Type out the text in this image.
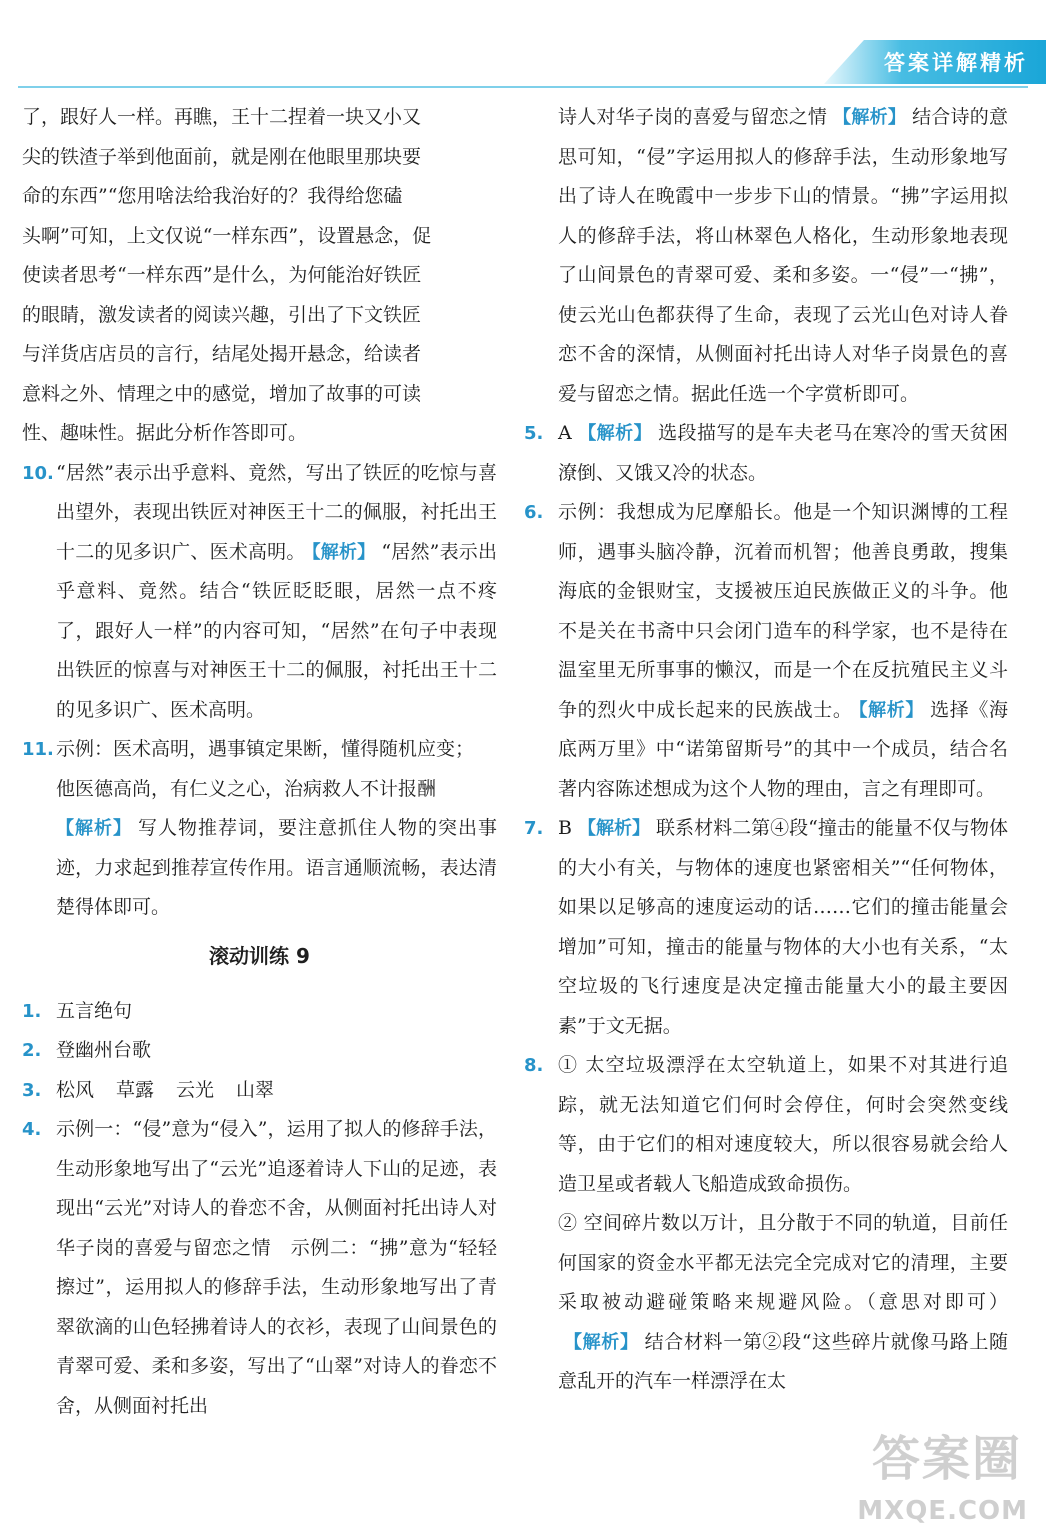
答案详解精析
了，跟好人一样。再瞧，王十二捏着一块又小又
尖的铁渣子举到他面前，就是刚在他眼里那块要
命的东西”“您用啥法给我治好的？我得给您磕
头啊”可知，上文仅说“一样东西”，设置悬念，促
使读者思考“一样东西”是什么，为何能治好铁匠
的眼睛，激发读者的阅读兴趣，引出了下文铁匠
与洋货店店员的言行，结尾处揭开悬念，给读者
意料之外、情理之中的感觉，增加了故事的可读
性、趣味性。据此分析作答即可。
10. “居然”表示出乎意料、竟然，写出了铁匠的吃惊与喜出望外，表现出铁匠对神医王十二的佩服，衬托出王十二的见多识广、医术高明。 【解析】 “居然”表示出乎意料、竟然。结合“铁匠眨眨眼，居然一点不疼了，跟好人一样”的内容可知，“居然”在句子中表现出铁匠的惊喜与对神医王十二的佩服，衬托出王十二的见多识广、医术高明。
11. 示例：医术高明，遇事镇定果断，懂得随机应变；
他医德高尚，有仁义之心，治病救人不计报酬
【解析】 写人物推荐词，要注意抓住人物的突出事迹，力求起到推荐宣传作用。语言通顺流畅，表达清楚得体即可。
滚动训练 9
1. 五言绝句
2. 登幽州台歌
3. 松风 草露 云光 山翠
4. 示例一：“侵”意为“侵入”，运用了拟人的修辞手法，生动形象地写出了“云光”追逐着诗人下山的足迹，表现出“云光”对诗人的眷恋不舍，从侧面衬托出诗人对华子岗的喜爱与留恋之情　示例二：“拂”意为“轻轻擦过”，运用拟人的修辞手法，生动形象地写出了青翠欲滴的山色轻拂着诗人的衣衫，表现了山间景色的青翠可爱、柔和多姿，写出了“山翠”对诗人的眷恋不舍，从侧面衬托出
诗人对华子岗的喜爱与留恋之情 【解析】 结合诗的意思可知，“侵”字运用拟人的修辞手法，生动形象地写出了诗人在晚霞中一步步下山的情景。“拂”字运用拟人的修辞手法，将山林翠色人格化，生动形象地表现了山间景色的青翠可爱、柔和多姿。一“侵”一“拂”，使云光山色都获得了生命，表现了云光山色对诗人眷恋不舍的深情，从侧面衬托出诗人对华子岗景色的喜爱与留恋之情。据此任选一个字赏析即可。
5. A 【解析】 选段描写的是车夫老马在寒冷的雪天贫困潦倒、又饿又冷的状态。
6. 示例：我想成为尼摩船长。他是一个知识渊博的工程师，遇事头脑冷静，沉着而机智；他善良勇敢，搜集海底的金银财宝，支援被压迫民族做正义的斗争。他不是关在书斋中只会闭门造车的科学家，也不是待在温室里无所事事的懒汉，而是一个在反抗殖民主义斗争的烈火中成长起来的民族战士。 【解析】 选择《海底两万里》中“诺第留斯号”的其中一个成员，结合名著内容陈述想成为这个人物的理由，言之有理即可。
7. B 【解析】 联系材料二第④段“撞击的能量不仅与物体的大小有关，与物体的速度也紧密相关”“任何物体，如果以足够高的速度运动的话……它们的撞击能量会增加”可知，撞击的能量与物体的大小也有关系，“太空垃圾的飞行速度是决定撞击能量大小的最主要因素”于文无据。
8. ① 太空垃圾漂浮在太空轨道上，如果不对其进行追踪，就无法知道它们何时会停住，何时会突然变线等，由于它们的相对速度较大，所以很容易就会给人造卫星或者载人飞船造成致命损伤。
② 空间碎片数以万计，且分散于不同的轨道，目前任何国家的资金水平都无法完全完成对它的清理，主要采取被动避碰策略来规避风险。（意思对即可）【解析】 结合材料一第②段“这些碎片就像马路上随意乱开的汽车一样漂浮在太
答案圈
MXQE.COM
